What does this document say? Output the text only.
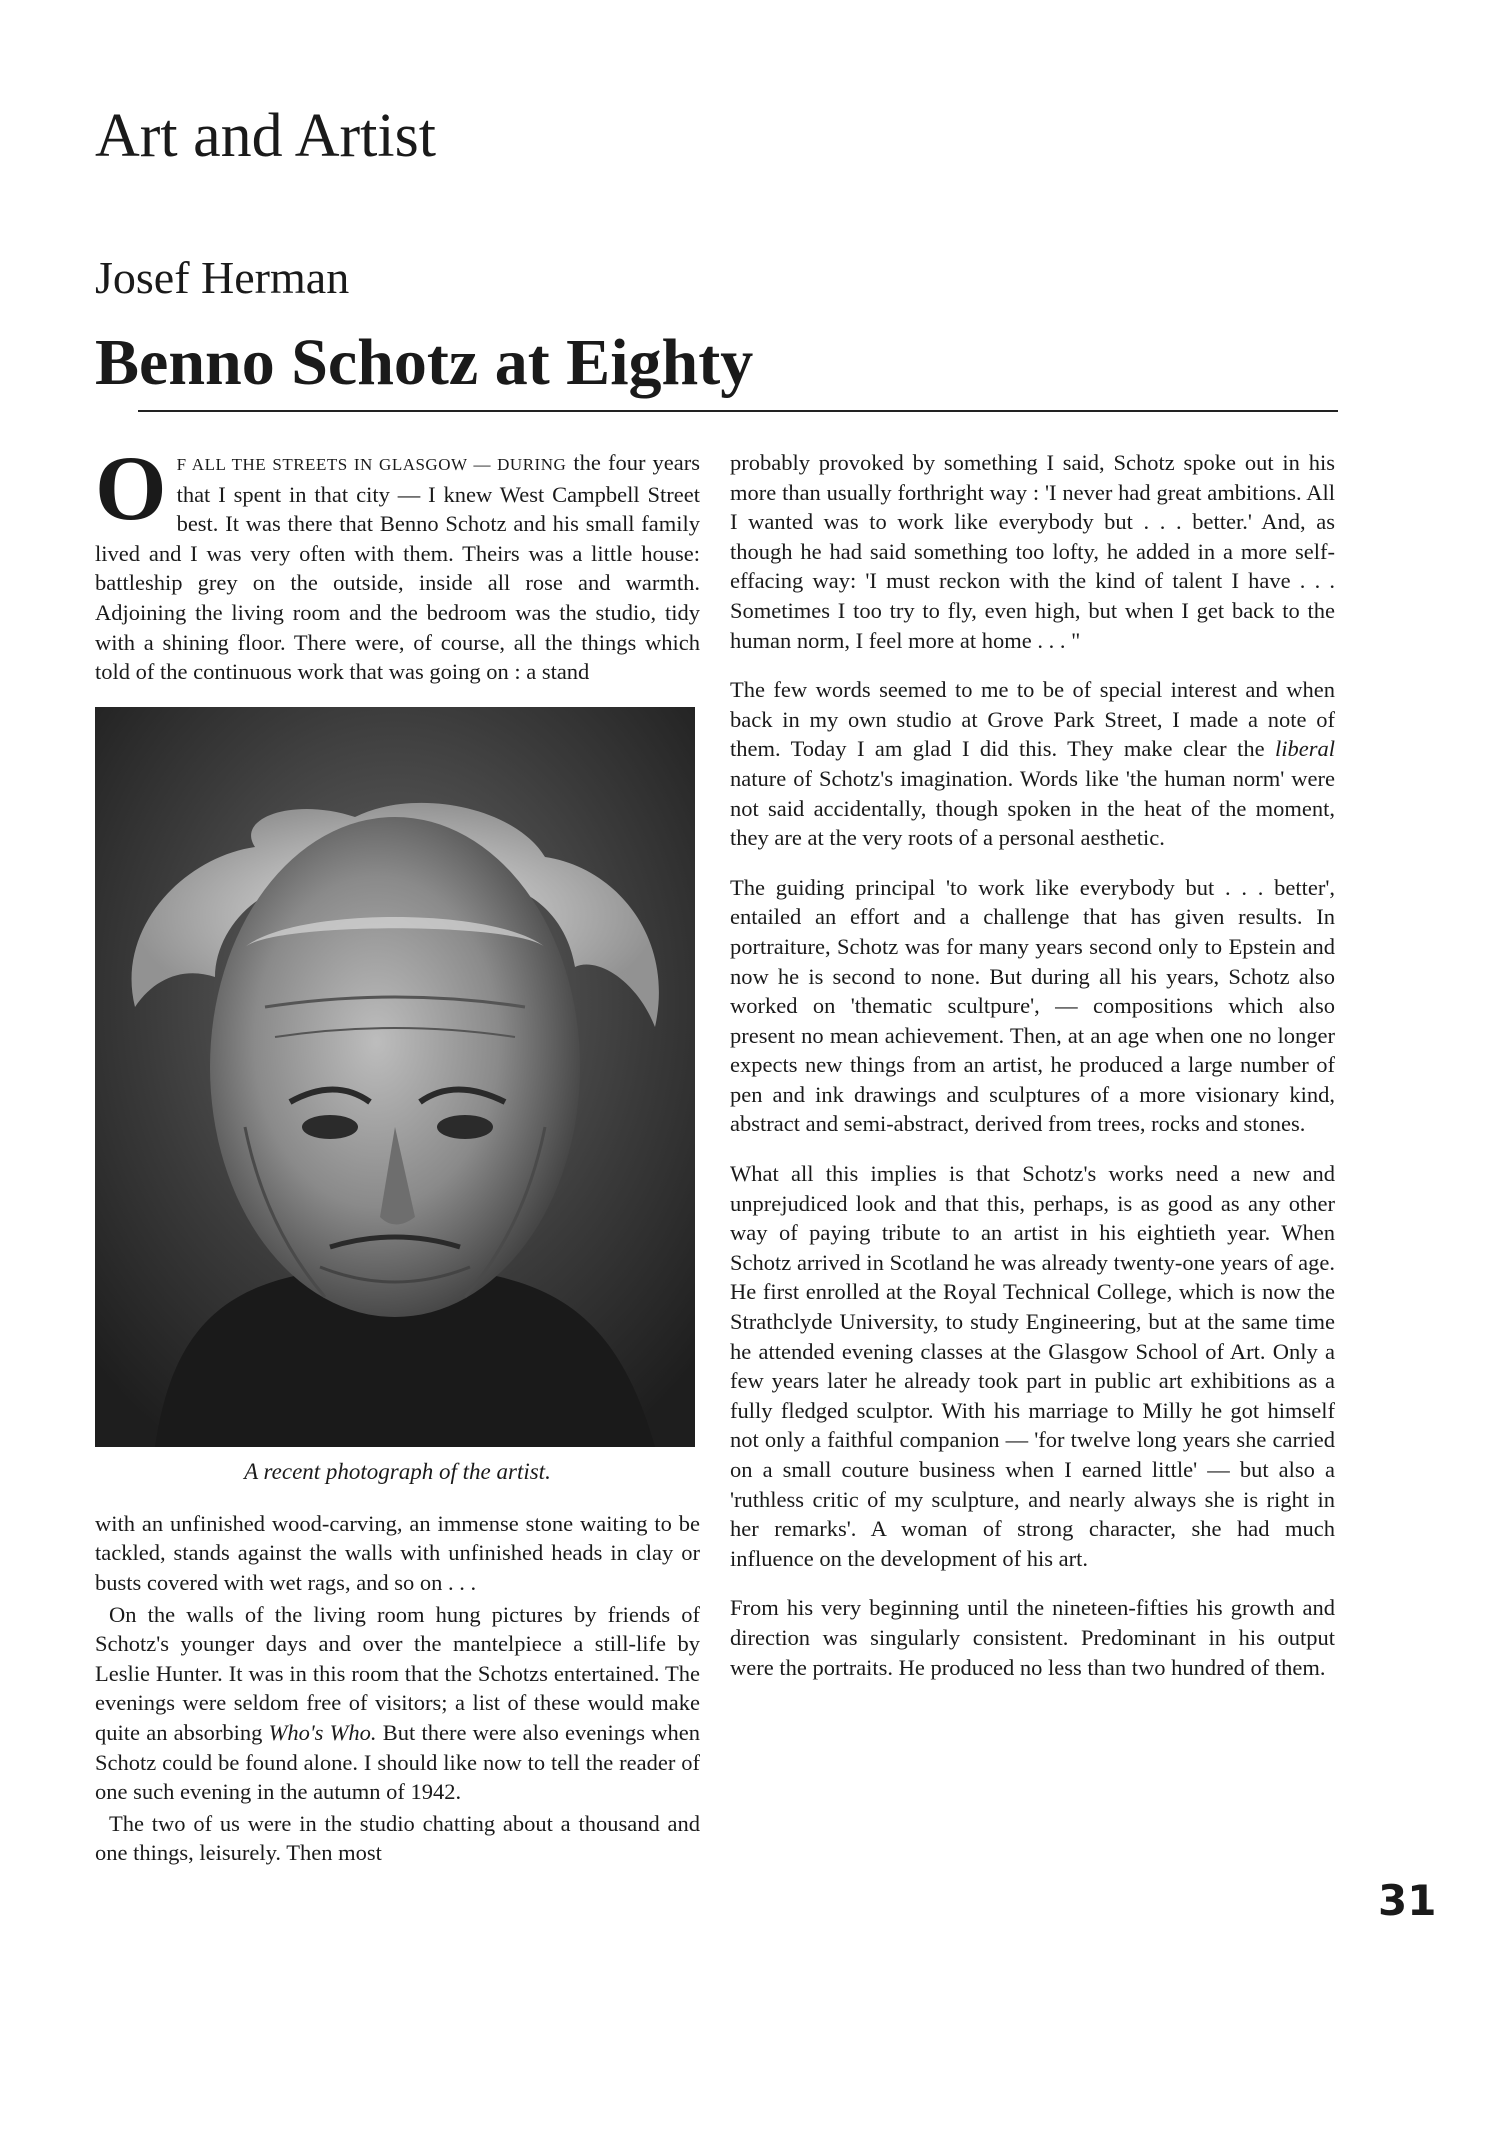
Art and Artist
Josef Herman
Benno Schotz at Eighty

O F ALL THE STREETS IN GLASGOW — DURING the four years that I spent in that city — I knew West Campbell Street best. It was there that Benno Schotz and his small family lived and I was very often with them. Theirs was a little house: battleship grey on the outside, inside all rose and warmth. Adjoining the living room and the bedroom was the studio, tidy with a shining floor. There were, of course, all the things which told of the continuous work that was going on : a stand

A recent photograph of the artist.

with an unfinished wood-carving, an immense stone waiting to be tackled, stands against the walls with unfinished heads in clay or busts covered with wet rags, and so on . . .

On the walls of the living room hung pictures by friends of Schotz's younger days and over the mantelpiece a still-life by Leslie Hunter. It was in this room that the Schotzs entertained. The evenings were seldom free of visitors; a list of these would make quite an absorbing Who's Who. But there were also evenings when Schotz could be found alone. I should like now to tell the reader of one such evening in the autumn of 1942.

The two of us were in the studio chatting about a thousand and one things, leisurely. Then most

probably provoked by something I said, Schotz spoke out in his more than usually forthright way : 'I never had great ambitions. All I wanted was to work like everybody but . . . better.' And, as though he had said something too lofty, he added in a more self-effacing way: 'I must reckon with the kind of talent I have . . . Sometimes I too try to fly, even high, but when I get back to the human norm, I feel more at home . . . "

The few words seemed to me to be of special interest and when back in my own studio at Grove Park Street, I made a note of them. Today I am glad I did this. They make clear the liberal nature of Schotz's imagination. Words like 'the human norm' were not said accidentally, though spoken in the heat of the moment, they are at the very roots of a personal aesthetic.

The guiding principal 'to work like everybody but . . . better', entailed an effort and a challenge that has given results. In portraiture, Schotz was for many years second only to Epstein and now he is second to none. But during all his years, Schotz also worked on 'thematic scultpure', — compositions which also present no mean achievement. Then, at an age when one no longer expects new things from an artist, he produced a large number of pen and ink drawings and sculptures of a more visionary kind, abstract and semi-abstract, derived from trees, rocks and stones.

What all this implies is that Schotz's works need a new and unprejudiced look and that this, perhaps, is as good as any other way of paying tribute to an artist in his eightieth year. When Schotz arrived in Scotland he was already twenty-one years of age. He first enrolled at the Royal Technical College, which is now the Strathclyde University, to study Engineering, but at the same time he attended evening classes at the Glasgow School of Art. Only a few years later he already took part in public art exhibitions as a fully fledged sculptor. With his marriage to Milly he got himself not only a faithful companion — 'for twelve long years she carried on a small couture business when I earned little' — but also a 'ruthless critic of my sculpture, and nearly always she is right in her remarks'. A woman of strong character, she had much influence on the development of his art.

From his very beginning until the nineteen-fifties his growth and direction was singularly consistent. Predominant in his output were the portraits. He produced no less than two hundred of them.

31
